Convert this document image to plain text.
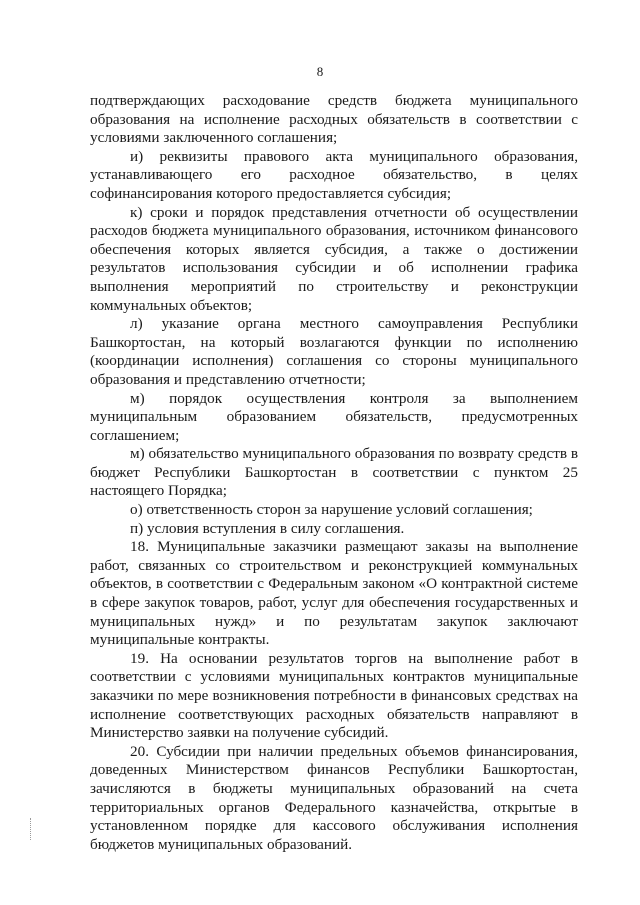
8

подтверждающих расходование средств бюджета муниципального образования на исполнение расходных обязательств в соответствии с условиями заключенного соглашения;

и) реквизиты правового акта муниципального образования, устанавливающего его расходное обязательство, в целях софинансирования которого предоставляется субсидия;

к) сроки и порядок представления отчетности об осуществлении расходов бюджета муниципального образования, источником финансового обеспечения которых является субсидия, а также о достижении результатов использования субсидии и об исполнении графика выполнения мероприятий по строительству и реконструкции коммунальных объектов;

л) указание органа местного самоуправления Республики Башкортостан, на который возлагаются функции по исполнению (координации исполнения) соглашения со стороны муниципального образования и представлению отчетности;

м) порядок осуществления контроля за выполнением муниципальным образованием обязательств, предусмотренных соглашением;

м) обязательство муниципального образования по возврату средств в бюджет Республики Башкортостан в соответствии с пунктом 25 настоящего Порядка;

о) ответственность сторон за нарушение условий соглашения;

п) условия вступления в силу соглашения.

18. Муниципальные заказчики размещают заказы на выполнение работ, связанных со строительством и реконструкцией коммунальных объектов, в соответствии с Федеральным законом «О контрактной системе в сфере закупок товаров, работ, услуг для обеспечения государственных и муниципальных нужд» и по результатам закупок заключают муниципальные контракты.

19. На основании результатов торгов на выполнение работ в соответствии с условиями муниципальных контрактов муниципальные заказчики по мере возникновения потребности в финансовых средствах на исполнение соответствующих расходных обязательств направляют в Министерство заявки на получение субсидий.

20. Субсидии при наличии предельных объемов финансирования, доведенных Министерством финансов Республики Башкортостан, зачисляются в бюджеты муниципальных образований на счета территориальных органов Федерального казначейства, открытые в установленном порядке для кассового обслуживания исполнения бюджетов муниципальных образований.
